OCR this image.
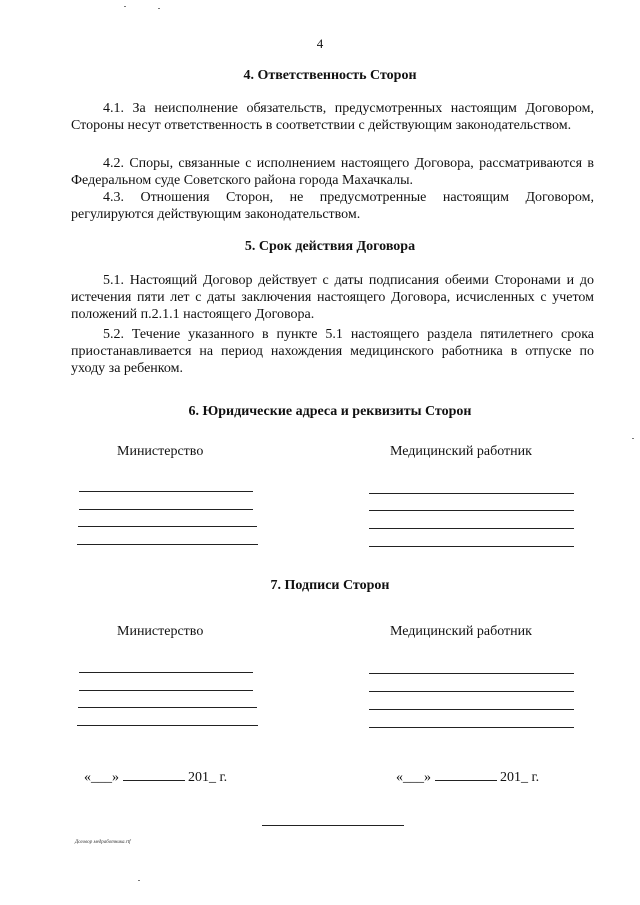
4
4. Ответственность Сторон
4.1. За неисполнение обязательств, предусмотренных настоящим Договором, Стороны несут ответственность в соответствии с действующим законодательством.
4.2. Споры, связанные с исполнением настоящего Договора, рассматриваются в Федеральном суде Советского района города Махачкалы.
4.3. Отношения Сторон, не предусмотренные настоящим Договором, регулируются действующим законодательством.
5. Срок действия Договора
5.1. Настоящий Договор действует с даты подписания обеими Сторонами и до истечения пяти лет с даты заключения настоящего Договора, исчисленных с учетом положений п.2.1.1 настоящего Договора.
5.2. Течение указанного в пункте 5.1 настоящего раздела пятилетнего срока приостанавливается на период нахождения медицинского работника в отпуске по уходу за ребенком.
6. Юридические адреса и реквизиты Сторон
Министерство	Медицинский работник
7. Подписи Сторон
Министерство	Медицинский работник
«___»	201_ г.	«___»	201_ г.
Договор медработника.rtf
